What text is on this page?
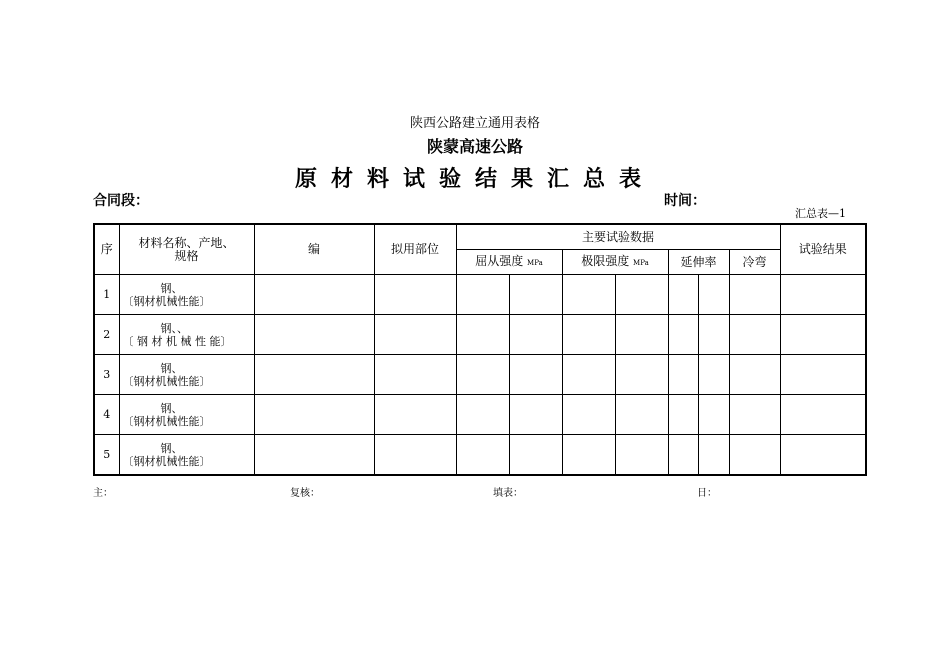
陕西公路建立通用表格
陕蒙高速公路
原材料试验结果汇总表
合同段：	时间：
汇总表—1
序	材料名称、产地、规格	编	拟用部位	主要试验数据							试验结果
				屈从强度 MPa		极限强度 MPa		延伸率		冷弯	
1	钢、
〔钢材机械性能〕										
2	钢、、
〔 钢 材 机 械 性 能〕										
3	钢、
〔钢材机械性能〕										
4	钢、
〔钢材机械性能〕										
5	钢、
〔钢材机械性能〕										
主：	复核：	填表：	日：
